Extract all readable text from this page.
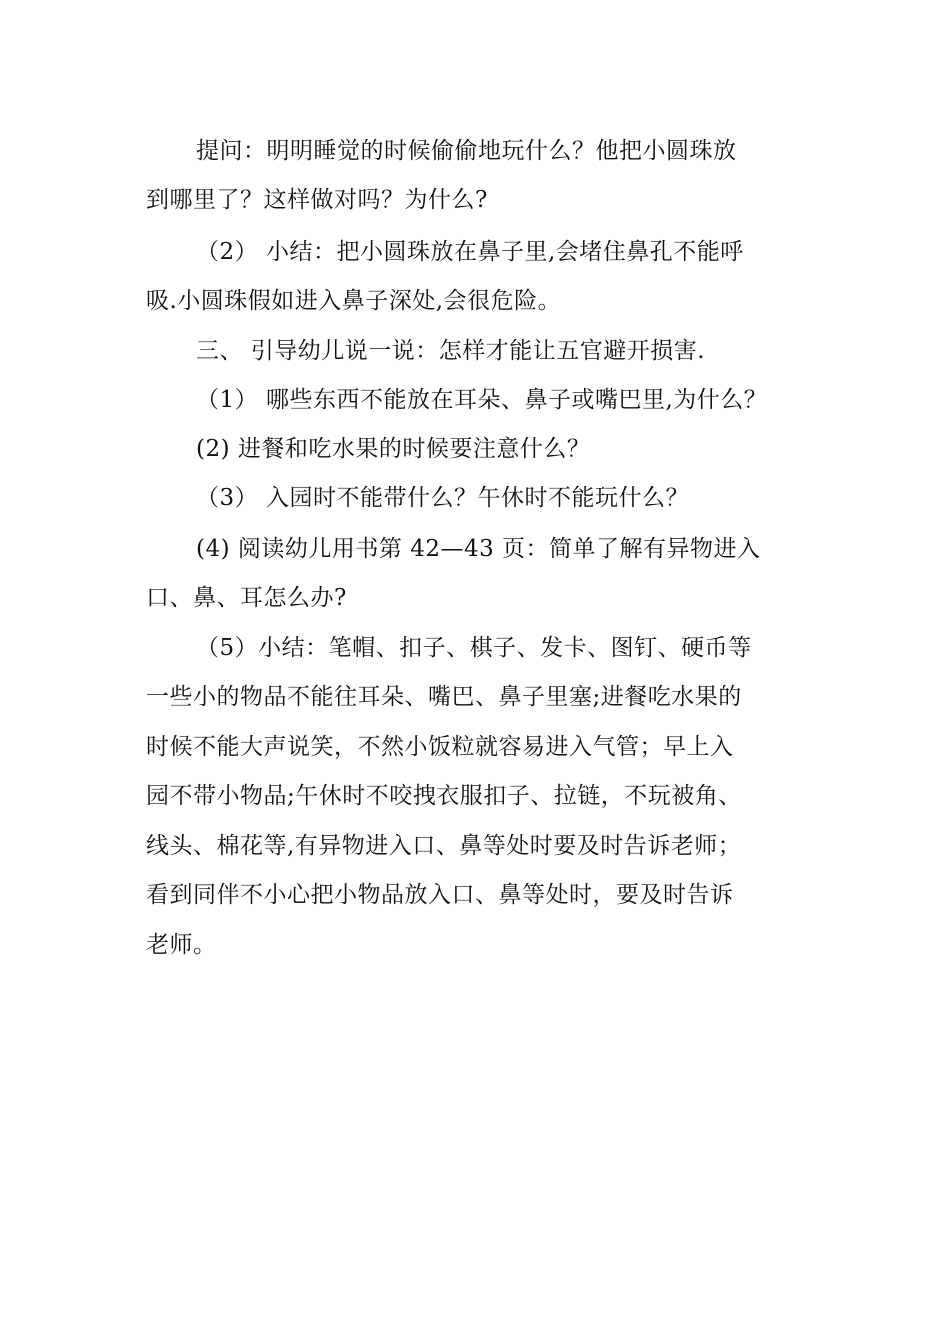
提问：明明睡觉的时候偷偷地玩什么？他把小圆珠放
到哪里了？这样做对吗？为什么?
（2） 小结：把小圆珠放在鼻子里,会堵住鼻孔不能呼
吸.小圆珠假如进入鼻子深处,会很危险。
三、 引导幼儿说一说：怎样才能让五官避开损害.
（1） 哪些东西不能放在耳朵、鼻子或嘴巴里,为什么？
(2) 进餐和吃水果的时候要注意什么？
（3） 入园时不能带什么？午休时不能玩什么？
(4) 阅读幼儿用书第 42—43 页：简单了解有异物进入
口、鼻、耳怎么办?
（5）小结：笔帽、扣子、棋子、发卡、图钉、硬币等
一些小的物品不能往耳朵、嘴巴、鼻子里塞;进餐吃水果的
时候不能大声说笑，不然小饭粒就容易进入气管；早上入
园不带小物品;午休时不咬拽衣服扣子、拉链，不玩被角、
线头、棉花等,有异物进入口、鼻等处时要及时告诉老师；
看到同伴不小心把小物品放入口、鼻等处时，要及时告诉
老师。
